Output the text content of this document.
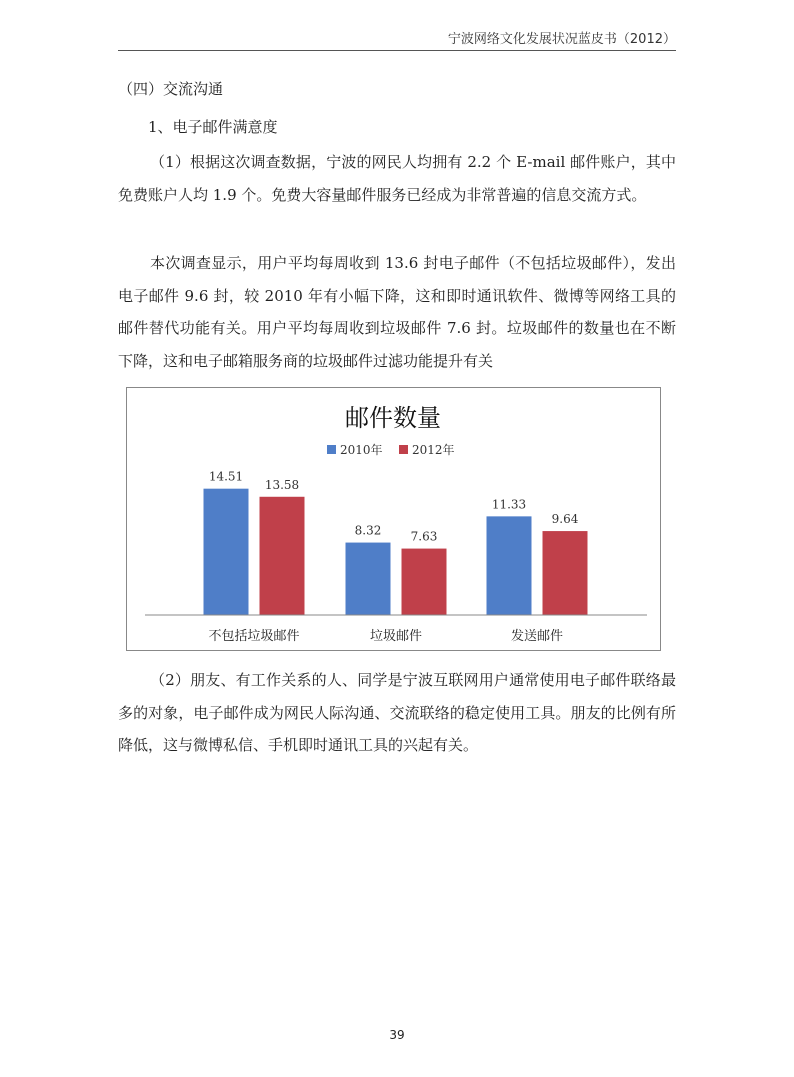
宁波网络文化发展状况蓝皮书（2012）
（四）交流沟通
1、电子邮件满意度
（1）根据这次调查数据，宁波的网民人均拥有 2.2 个 E-mail 邮件账户，其中免费账户人均 1.9 个。免费大容量邮件服务已经成为非常普遍的信息交流方式。
本次调查显示，用户平均每周收到 13.6 封电子邮件（不包括垃圾邮件），发出电子邮件 9.6 封，较 2010 年有小幅下降，这和即时通讯软件、微博等网络工具的邮件替代功能有关。用户平均每周收到垃圾邮件 7.6 封。垃圾邮件的数量也在不断下降，这和电子邮箱服务商的垃圾邮件过滤功能提升有关
邮件数量
2010年 2012年
14.51
13.58
8.32 7.63
11.33
9.64
不包括垃圾邮件	垃圾邮件	发送邮件
（2）朋友、有工作关系的人、同学是宁波互联网用户通常使用电子邮件联络最多的对象，电子邮件成为网民人际沟通、交流联络的稳定使用工具。朋友的比例有所降低，这与微博私信、手机即时通讯工具的兴起有关。
39
